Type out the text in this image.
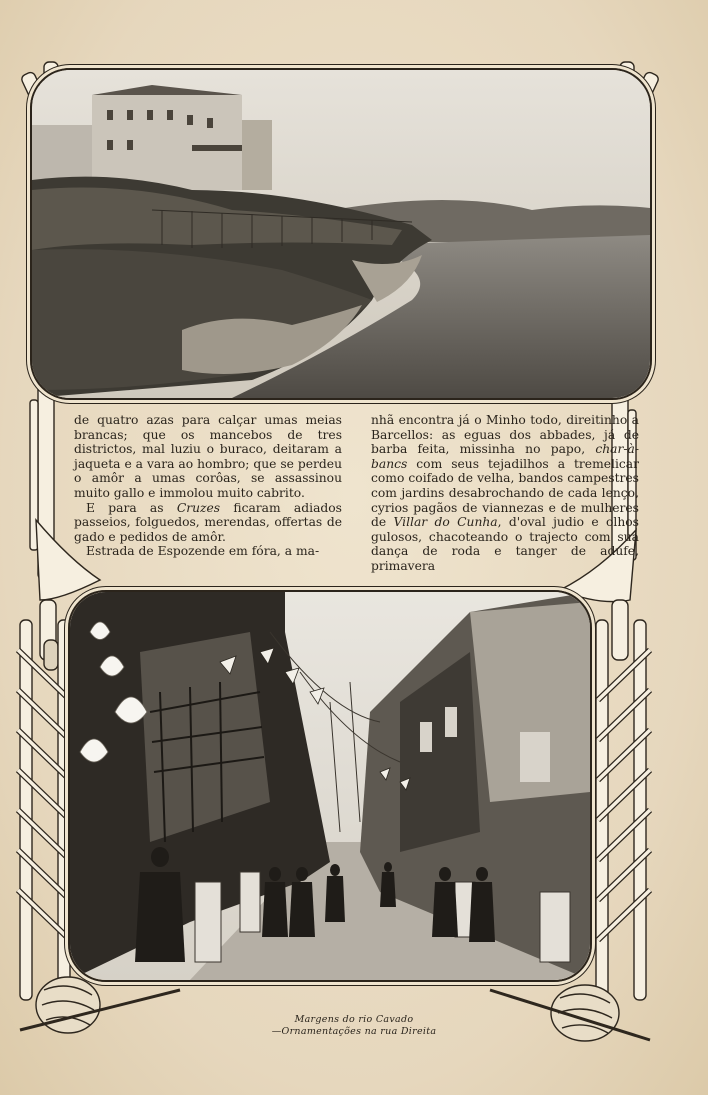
de quatro azas para calçar umas meias brancas; que os mancebos de tres districtos, mal luziu o buraco, deitaram a jaqueta e a vara ao hombro; que se perdeu o amôr a umas corôas, se assassinou muito gallo e immolou muito cabrito.

E para as Cruzes ficaram adiados passeios, folguedos, merendas, offertas de gado e pedidos de amôr.

Estrada de Espozende em fóra, a ma-

nhã encontra já o Minho todo, direitinho a Barcellos: as eguas dos abbades, já de barba feita, missinha no papo, char-à-bancs com seus tejadilhos a tremelicar como coifado de velha, bandos campestres com jardins desabrochando de cada lenço, cyrios pagãos de viannezas e de mulheres de Villar do Cunha, d'oval judio e olhos gulosos, chacoteando o trajecto com sua dança de roda e tanger de adufe, primavera

Margens do rio Cavado
—Ornamentações na rua Direita
